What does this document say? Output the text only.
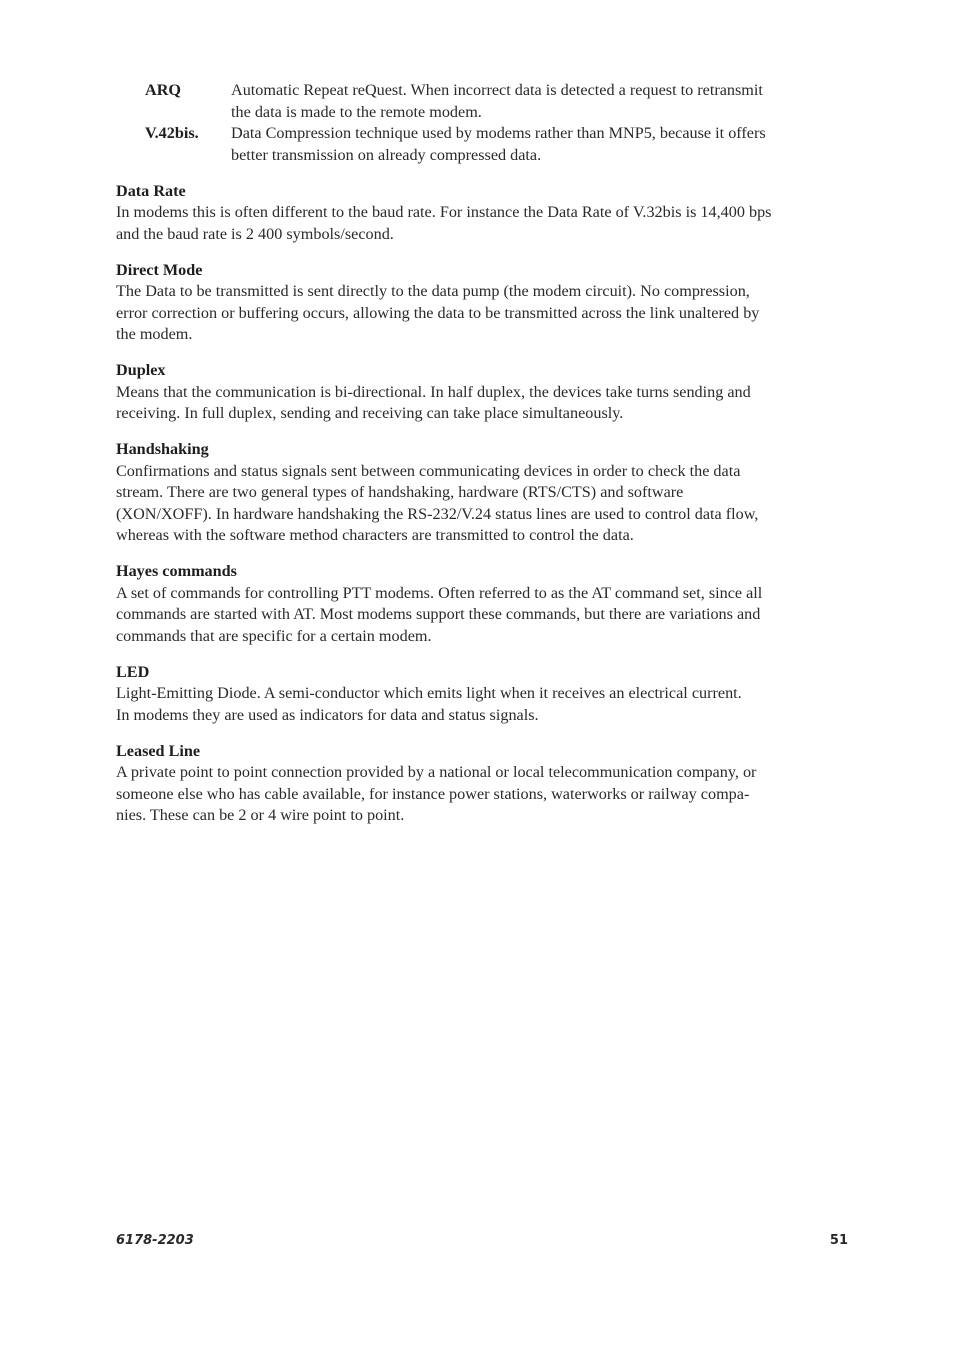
ARQ	Automatic Repeat reQuest. When incorrect data is detected a request to retransmit
the data is made to the remote modem.
V.42bis.	Data Compression technique used by modems rather than MNP5, because it offers
better transmission on already compressed data.
Data Rate
In modems this is often different to the baud rate. For instance the Data Rate of V.32bis is 14,400 bps
and the baud rate is 2 400 symbols/second.
Direct Mode
The Data to be transmitted is sent directly to the data pump (the modem circuit). No compression,
error correction or buffering occurs, allowing the data to be transmitted across the link unaltered by
the modem.
Duplex
Means that the communication is bi-directional. In half duplex, the devices take turns sending and
receiving. In full duplex, sending and receiving can take place simultaneously.
Handshaking
Confirmations and status signals sent between communicating devices in order to check the data
stream. There are two general types of handshaking, hardware (RTS/CTS) and software
(XON/XOFF). In hardware handshaking the RS-232/V.24 status lines are used to control data flow,
whereas with the software method characters are transmitted to control the data.
Hayes commands
A set of commands for controlling PTT modems. Often referred to as the AT command set, since all
commands are started with AT. Most modems support these commands, but there are variations and
commands that are specific for a certain modem.
LED
Light-Emitting Diode. A semi-conductor which emits light when it receives an electrical current.
In modems they are used as indicators for data and status signals.
Leased Line
A private point to point connection provided by a national or local telecommunication company, or
someone else who has cable available, for instance power stations, waterworks or railway compa-
nies. These can be 2 or 4 wire point to point.
6178-2203	51
